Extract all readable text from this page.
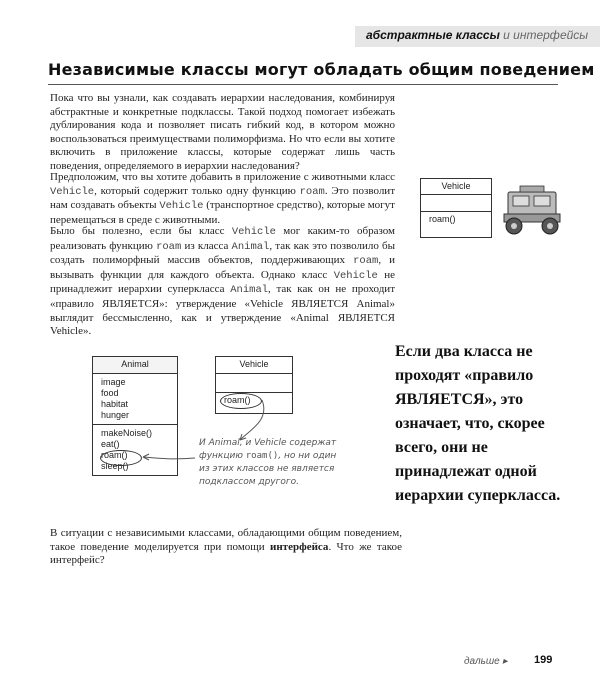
абстрактные классы и интерфейсы
Независимые классы могут обладать общим поведением
Пока что вы узнали, как создавать иерархии наследования, комбинируя абстрактные и конкретные подклассы. Такой подход помогает избежать дублирования кода и позволяет писать гибкий код, в котором можно воспользоваться преимуществами полиморфизма. Но что если вы хотите включить в приложение классы, которые содержат лишь часть поведения, определяемого в иерархии наследования?
Предположим, что вы хотите добавить в приложение с животными класс Vehicle, который содержит только одну функцию roam. Это позволит нам создавать объекты Vehicle (транспортное средство), которые могут перемещаться в среде с животными.
Было бы полезно, если бы класс Vehicle мог каким-то образом реализовать функцию roam из класса Animal, так как это позволило бы создать полиморфный массив объектов, поддерживающих roam, и вызывать функции для каждого объекта. Однако класс Vehicle не принадлежит иерархии суперкласса Animal, так как он не проходит «правило ЯВЛЯЕТСЯ»: утверждение «Vehicle ЯВЛЯЕТСЯ Animal» выглядит бессмысленно, как и утверждение «Animal ЯВЛЯЕТСЯ Vehicle».
Vehicle
roam()
Animal
image
food
habitat
hunger
makeNoise()
eat()
roam()
sleep()
Vehicle
roam()
И Animal, и Vehicle содержат функцию roam(), но ни один из этих классов не является подклассом другого.
Если два класса не проходят «правило ЯВЛЯЕТСЯ», это означает, что, скорее всего, они не принадлежат одной иерархии суперкласса.
В ситуации с независимыми классами, обладающими общим поведением, такое поведение моделируется при помощи интерфейса. Что же такое интерфейс?
дальше ▸ 199
